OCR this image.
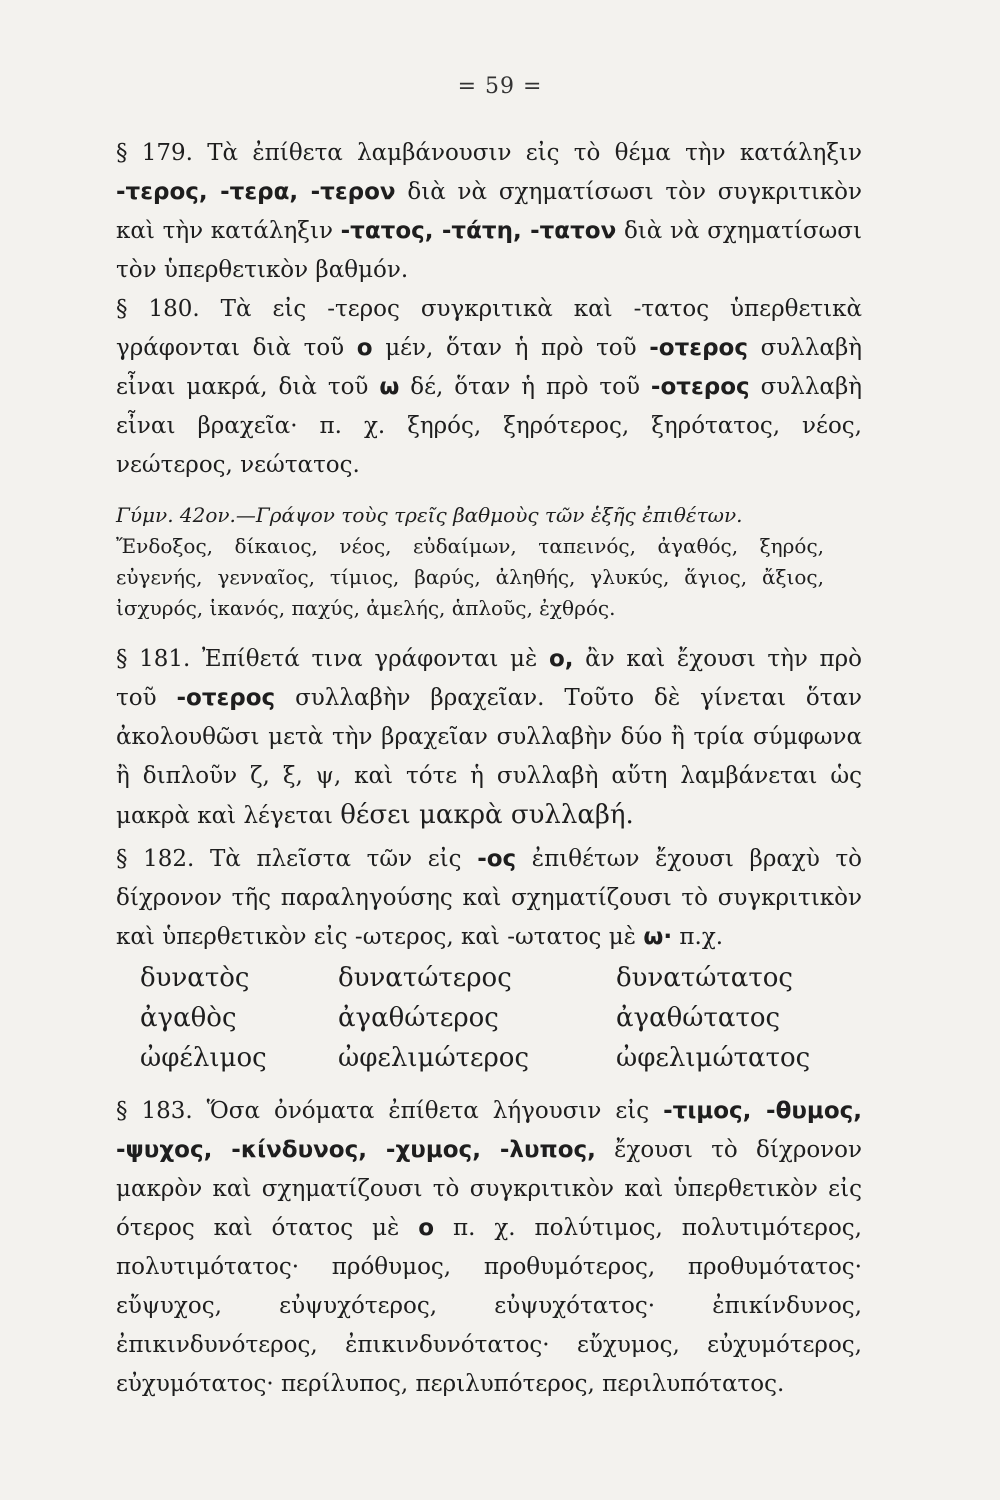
= 59 =

§ 179. Τὰ ἐπίθετα λαμβάνουσιν εἰς τὸ θέμα τὴν κατάληξιν -τερος, -τερα, -τερον διὰ νὰ σχηματίσωσι τὸν συγκριτικὸν καὶ τὴν κατάληξιν -τατος, -τάτη, -τατον διὰ νὰ σχηματίσωσι τὸν ὑπερθετικὸν βαθμόν.

§ 180. Τὰ εἰς -τερος συγκριτικὰ καὶ -τατος ὑπερθετικὰ γράφονται διὰ τοῦ ο μέν, ὅταν ἡ πρὸ τοῦ -οτερος συλλαβὴ εἶναι μακρά, διὰ τοῦ ω δέ, ὅταν ἡ πρὸ τοῦ -οτερος συλλαβὴ εἶναι βραχεῖα· π. χ. ξηρός, ξηρότερος, ξηρότατος, νέος, νεώτερος, νεώτατος.

Γύμν. 42ον.—Γράψον τοὺς τρεῖς βαθμοὺς τῶν ἑξῆς ἐπιθέτων.
Ἔνδοξος, δίκαιος, νέος, εὐδαίμων, ταπεινός, ἀγαθός, ξηρός, εὐγενής, γενναῖος, τίμιος, βαρύς, ἀληθής, γλυκύς, ἅγιος, ἄξιος, ἰσχυρός, ἱκανός, παχύς, ἀμελής, ἁπλοῦς, ἐχθρός.

§ 181. Ἐπίθετά τινα γράφονται μὲ ο, ἂν καὶ ἔχουσι τὴν πρὸ τοῦ -οτερος συλλαβὴν βραχεῖαν. Τοῦτο δὲ γίνεται ὅταν ἀκολουθῶσι μετὰ τὴν βραχεῖαν συλλαβὴν δύο ἢ τρία σύμφωνα ἢ διπλοῦν ζ, ξ, ψ, καὶ τότε ἡ συλλαβὴ αὕτη λαμβάνεται ὡς μακρὰ καὶ λέγεται θέσει μακρὰ συλλαβή.

§ 182. Τὰ πλεῖστα τῶν εἰς -ος ἐπιθέτων ἔχουσι βραχὺ τὸ δίχρονον τῆς παραληγούσης καὶ σχηματίζουσι τὸ συγκριτικὸν καὶ ὑπερθετικὸν εἰς -ωτερος, καὶ -ωτατος μὲ ω· π.χ.

δυνατὸς	δυνατώτερος	δυνατώτατος
ἀγαθὸς	ἀγαθώτερος	ἀγαθώτατος
ὠφέλιμος	ὠφελιμώτερος	ὠφελιμώτατος

§ 183. Ὅσα ὀνόματα ἐπίθετα λήγουσιν εἰς -τιμος, -θυμος, -ψυχος, -κίνδυνος, -χυμος, -λυπος, ἔχουσι τὸ δίχρονον μακρὸν καὶ σχηματίζουσι τὸ συγκριτικὸν καὶ ὑπερθετικὸν εἰς ότερος καὶ ότατος μὲ ο π. χ. πολύτιμος, πολυτιμότερος, πολυτιμότατος· πρόθυμος, προθυμότερος, προθυμότατος· εὔψυχος, εὐψυχότερος, εὐψυχότατος· ἐπικίνδυνος, ἐπικινδυνότερος, ἐπικινδυνότατος· εὔχυμος, εὐχυμότερος, εὐχυμότατος· περίλυπος, περιλυπότερος, περιλυπότατος.
